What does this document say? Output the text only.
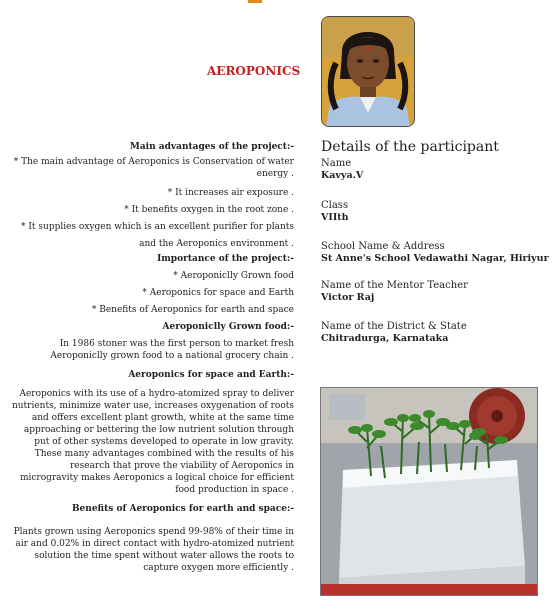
AEROPONICS

Main advantages of the project:-

* The main advantage of Aeroponics is Conservation of water energy .

* It increases air exposure .

* It benefits oxygen in the root zone .

* It supplies oxygen which is an excellent purifier for plants

and the Aeroponics environment .

Importance of the project:-

* Aeroponiclly Grown food

* Aeroponics for space and Earth

* Benefits of Aeroponics for earth and space

Aeroponiclly Grown food:-

In 1986 stoner was the first person to market fresh Aeroponiclly grown food to a national grocery chain .

Aeroponics for space and Earth:-

Aeroponics with its use of a hydro-atomized spray to deliver nutrients, minimize water use, increases oxygenation of roots and offers excellent plant growth, white at the same time approaching or bettering the low nutrient solution through put of other systems developed to operate in low gravity. These many advantages combined with the results of his research that prove the viability of Aeroponics in microgravity makes Aeroponics a logical choice for efficient food production in space .

Benefits of Aeroponics for earth and space:-

Plants grown using Aeroponics spend 99-98% of their time in air and 0.02% in direct contact with hydro-atomized nutrient solution the time spent without water allows the roots to capture oxygen more efficiently .

Details of the participant
Name
Kavya.V
Class
VIIth
School Name & Address
St Anne's School Vedawathi Nagar, Hiriyur
Name of the Mentor Teacher
Victor Raj
Name of the District & State
Chitradurga, Karnataka
